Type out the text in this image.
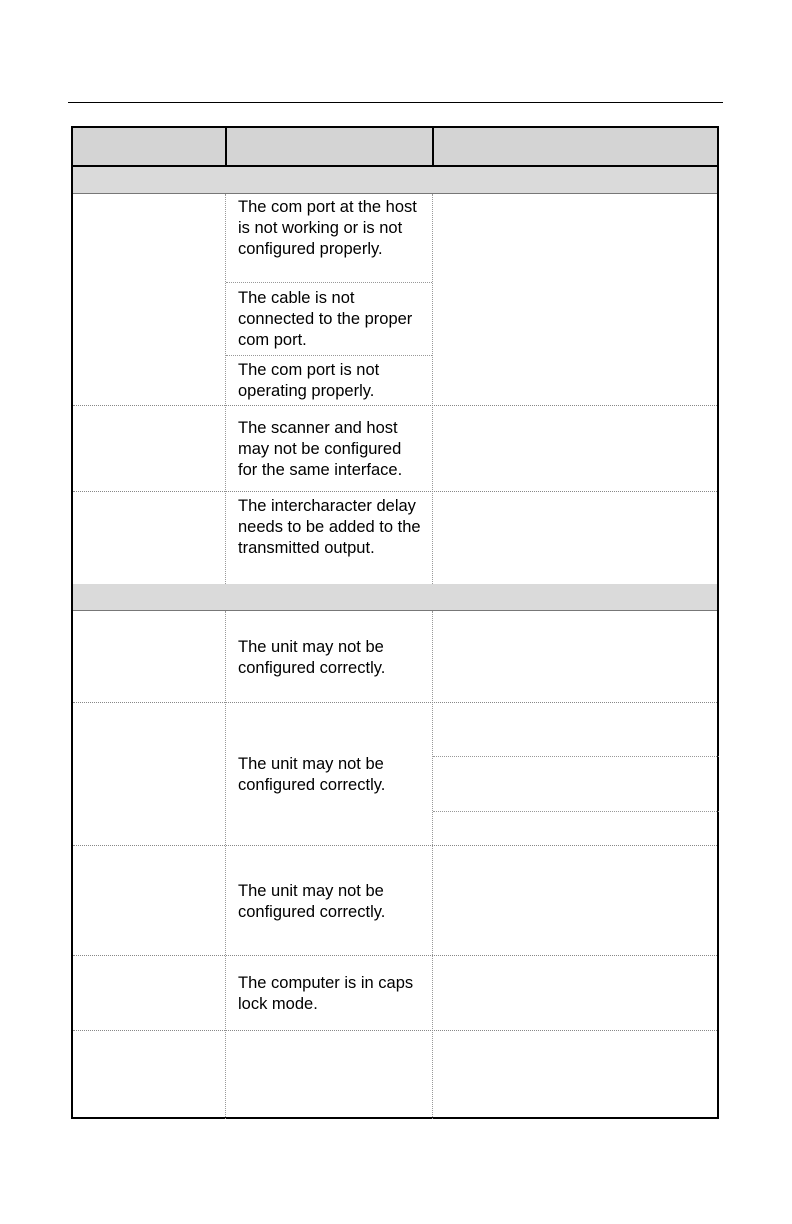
The com port at the host is not working or is not configured properly.
The cable is not connected to the proper com port.
The com port is not operating properly.
The scanner and host may not be configured for the same interface.
The intercharacter delay needs to be added to the transmitted output.
The unit may not be configured correctly.
The unit may not be configured correctly.
The unit may not be configured correctly.
The computer is in caps lock mode.
